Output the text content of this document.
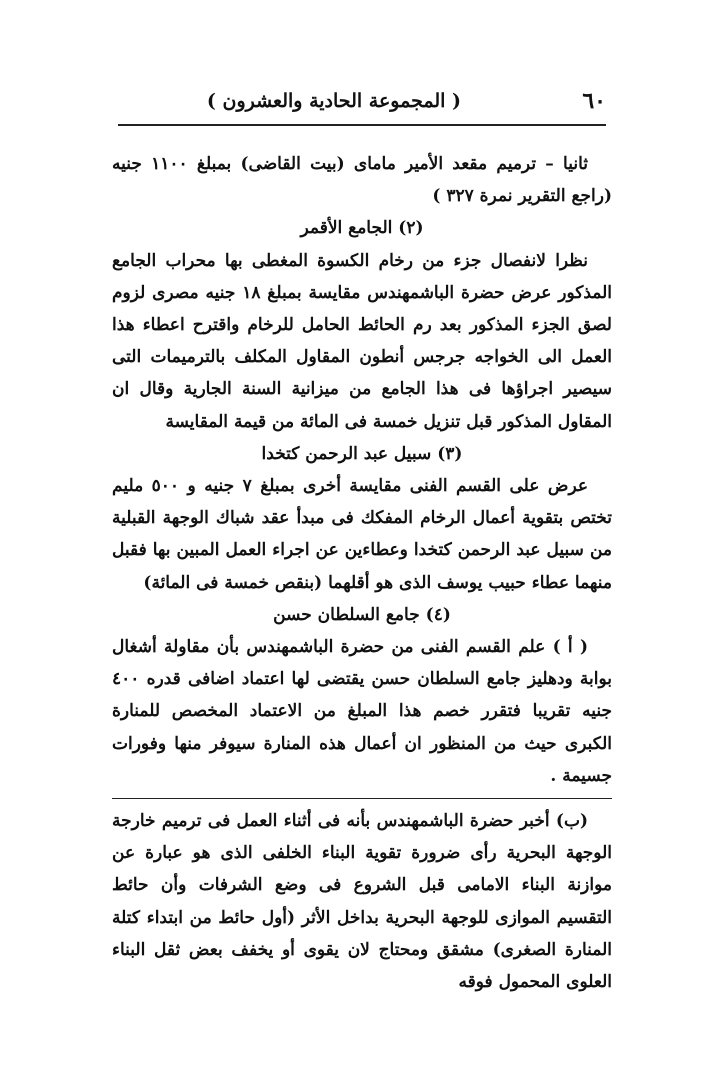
٦٠
( المجموعة الحادية والعشرون )

ثانيا – ترميم مقعد الأمير ماماى (بيت القاضى) بمبلغ ١١٠٠ جنيه (راجع التقرير نمرة ٣٢٧ )

(٢) الجامع الأقمر

نظرا لانفصال جزء من رخام الكسوة المغطى بها محراب الجامع المذكور عرض حضرة الباشمهندس مقايسة بمبلغ ١٨ جنيه مصرى لزوم لصق الجزء المذكور بعد رم الحائط الحامل للرخام واقترح اعطاء هذا العمل الى الخواجه جرجس أنطون المقاول المكلف بالترميمات التى سيصير اجراؤها فى هذا الجامع من ميزانية السنة الجارية وقال ان المقاول المذكور قبل تنزيل خمسة فى المائة من قيمة المقايسة

(٣) سبيل عبد الرحمن كتخدا

عرض على القسم الفنى مقايسة أخرى بمبلغ ٧ جنيه و ٥٠٠ مليم تختص بتقوية أعمال الرخام المفكك فى مبدأ عقد شباك الوجهة القبلية من سبيل عبد الرحمن كتخدا وعطاءين عن اجراء العمل المبين بها فقبل منهما عطاء حبيب يوسف الذى هو أقلهما (بنقص خمسة فى المائة)

(٤) جامع السلطان حسن

( أ ) علم القسم الفنى من حضرة الباشمهندس بأن مقاولة أشغال بوابة ودهليز جامع السلطان حسن يقتضى لها اعتماد اضافى قدره ٤٠٠ جنيه تقريبا فتقرر خصم هذا المبلغ من الاعتماد المخصص للمنارة الكبرى حيث من المنظور ان أعمال هذه المنارة سيوفر منها وفورات جسيمة .

(ب) أخبر حضرة الباشمهندس بأنه فى أثناء العمل فى ترميم خارجة الوجهة البحرية رأى ضرورة تقوية البناء الخلفى الذى هو عبارة عن موازنة البناء الامامى قبل الشروع فى وضع الشرفات وأن حائط التقسيم الموازى للوجهة البحرية بداخل الأثر (أول حائط من ابتداء كتلة المنارة الصغرى) مشقق ومحتاج لان يقوى أو يخفف بعض ثقل البناء العلوى المحمول فوقه
